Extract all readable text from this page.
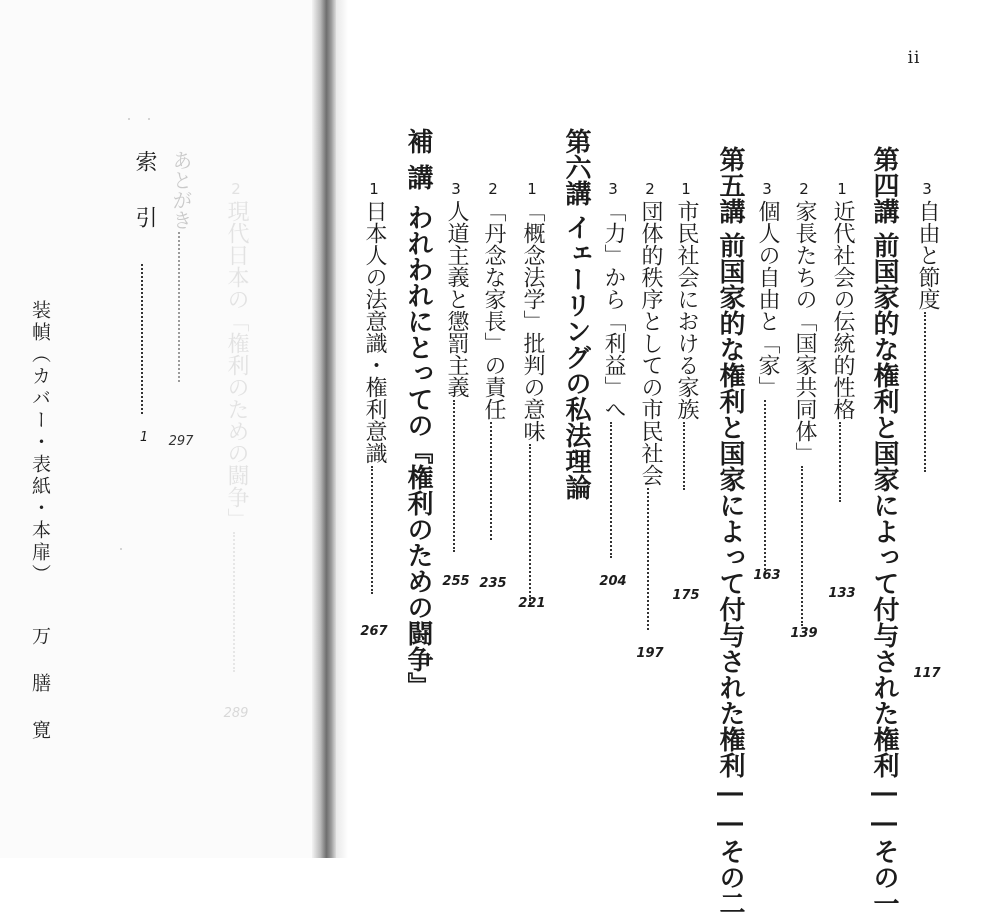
ii
3
自由と節度
117
第四講
前国家的な権利と国家によって付与された権利――その一
1
近代社会の伝統的性格
133
2
家長たちの「国家共同体」
139
3
個人の自由と「家」
163
第五講
前国家的な権利と国家によって付与された権利――その二
1
市民社会における家族
175
2
団体的秩序としての市民社会
197
3
「力」から「利益」へ
204
第六講
イェーリングの私法理論
1
「概念法学」批判の意味
221
2
「丹念な家長」の責任
235
3
人道主義と懲罰主義
255
補講
われわれにとっての『権利のための闘争』
1
日本人の法意識・権利意識
267
2
現代日本の「権利のための闘争」
289
あとがき
297
索引
1
装幀（カバー・表紙・本扉）万 膳 寛
